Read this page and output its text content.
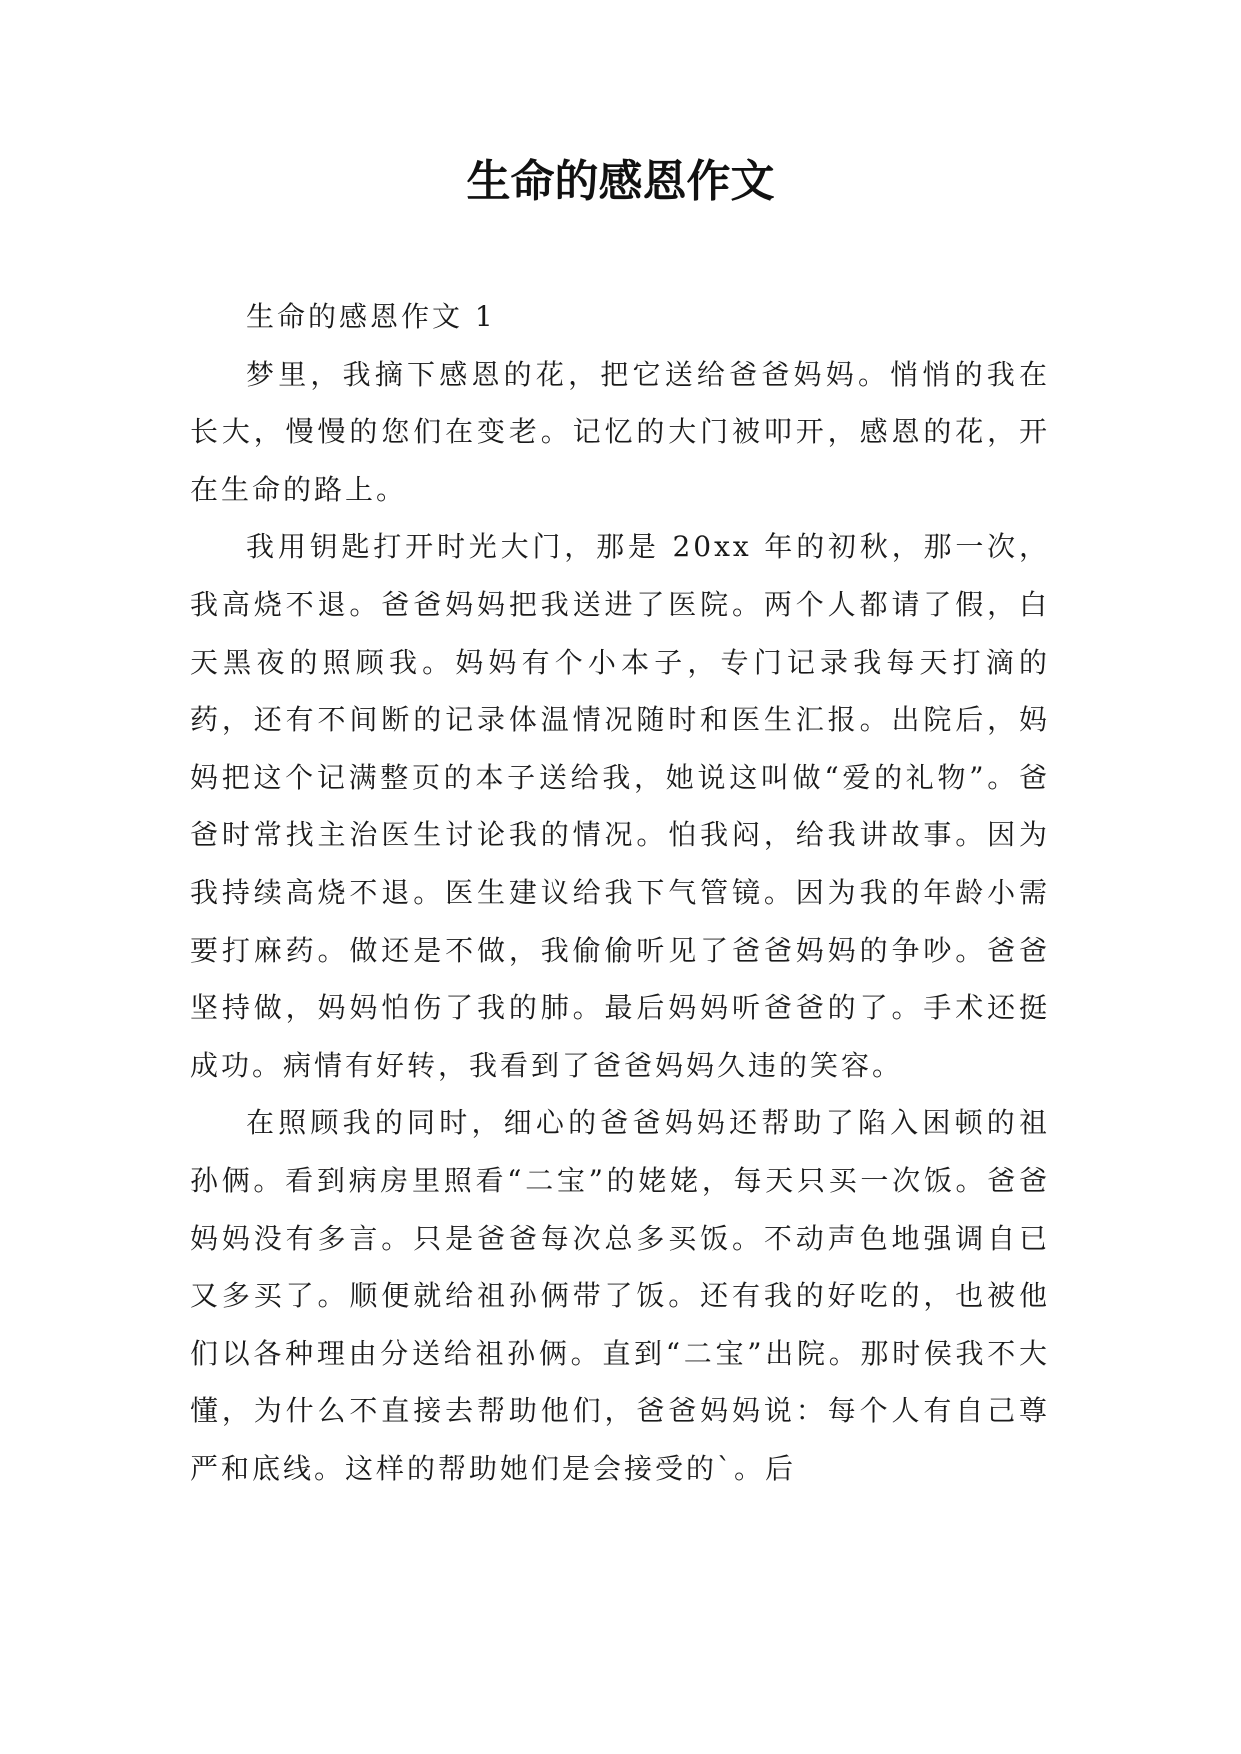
生命的感恩作文

生命的感恩作文 1

梦里，我摘下感恩的花，把它送给爸爸妈妈。悄悄的我在长大，慢慢的您们在变老。记忆的大门被叩开，感恩的花，开在生命的路上。

我用钥匙打开时光大门，那是 20xx 年的初秋，那一次，我高烧不退。爸爸妈妈把我送进了医院。两个人都请了假，白天黑夜的照顾我。妈妈有个小本子，专门记录我每天打滴的药，还有不间断的记录体温情况随时和医生汇报。出院后，妈妈把这个记满整页的本子送给我，她说这叫做“爱的礼物”。爸爸时常找主治医生讨论我的情况。怕我闷，给我讲故事。因为我持续高烧不退。医生建议给我下气管镜。因为我的年龄小需要打麻药。做还是不做，我偷偷听见了爸爸妈妈的争吵。爸爸坚持做，妈妈怕伤了我的肺。最后妈妈听爸爸的了。手术还挺成功。病情有好转，我看到了爸爸妈妈久违的笑容。

在照顾我的同时，细心的爸爸妈妈还帮助了陷入困顿的祖孙俩。看到病房里照看“二宝”的姥姥，每天只买一次饭。爸爸妈妈没有多言。只是爸爸每次总多买饭。不动声色地强调自已又多买了。顺便就给祖孙俩带了饭。还有我的好吃的，也被他们以各种理由分送给祖孙俩。直到“二宝”出院。那时侯我不大懂，为什么不直接去帮助他们，爸爸妈妈说：每个人有自己尊严和底线。这样的帮助她们是会接受的`。后
